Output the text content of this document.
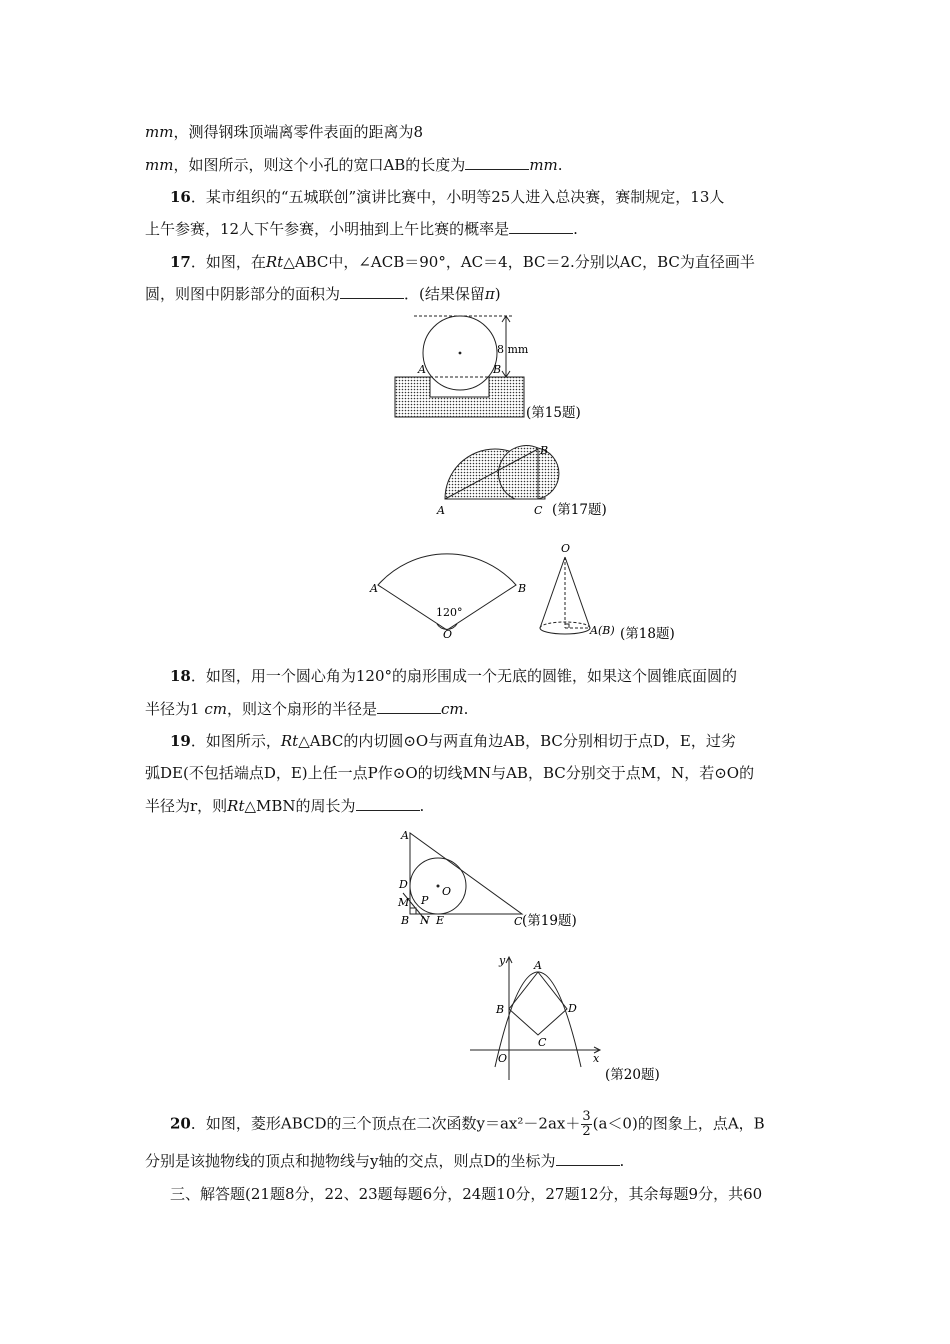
mm，测得钢珠顶端离零件表面的距离为8
mm，如图所示，则这个小孔的宽口AB的长度为	mm.
16．某市组织的“五城联创”演讲比赛中，小明等25人进入总决赛，赛制规定，13人
上午参赛，12人下午参赛，小明抽到上午比赛的概率是	.
17．如图，在Rt△ABC中，∠ACB＝90°，AC＝4，BC＝2.分别以AC，BC为直径画半
圆，则图中阴影部分的面积为	．(结果保留π)
8 mm
A	B
(第15题)
A
B
C (第17题)
120°
A	B
O
O
A(B) (第18题)
18．如图，用一个圆心角为120°的扇形围成一个无底的圆锥，如果这个圆锥底面圆的
半径为1 cm，则这个扇形的半径是	cm.
19．如图所示，Rt△ABC的内切圆⊙O与两直角边AB，BC分别相切于点D，E，过劣
弧DE(不包括端点D，E)上任一点P作⊙O的切线MN与AB，BC分别交于点M，N，若⊙O的
半径为r，则Rt△MBN的周长为	.
A
D
M P
O
B N E	C (第19题)
A
B
C
D
O
y
x
(第20题)
20．如图，菱形ABCD的三个顶点在二次函数$y=ax^2-2ax+ \frac{3}{2} (a<0)$的图象上，点A，B
分别是该抛物线的顶点和抛物线与y轴的交点，则点D的坐标为	.
三、解答题(21题8分，22、23题每题6分，24题10分，27题12分，其余每题9分，共60
